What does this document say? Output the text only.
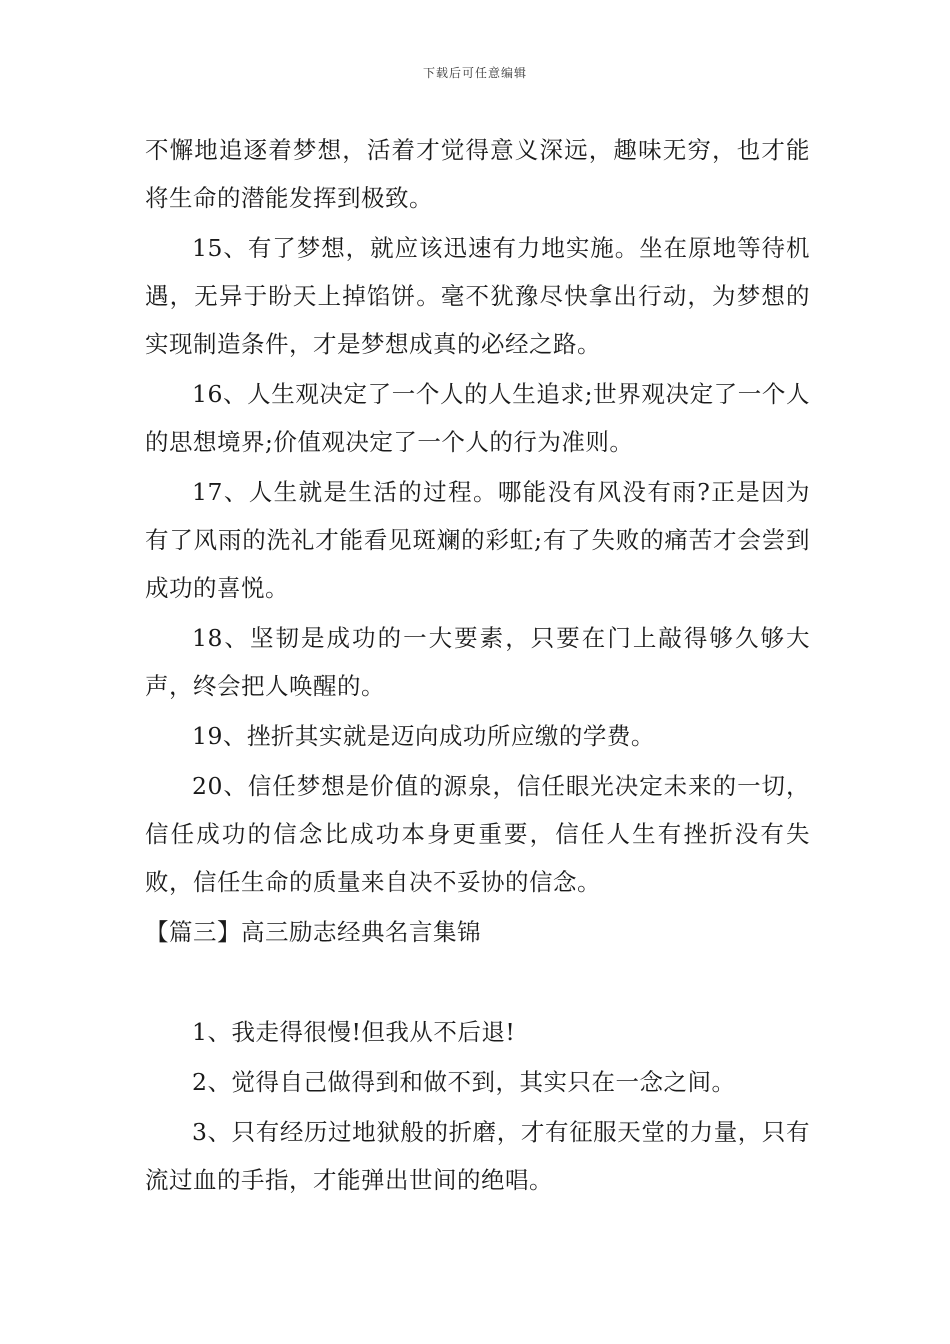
下载后可任意编辑

不懈地追逐着梦想，活着才觉得意义深远，趣味无穷，也才能将生命的潜能发挥到极致。

15、有了梦想，就应该迅速有力地实施。坐在原地等待机遇，无异于盼天上掉馅饼。毫不犹豫尽快拿出行动，为梦想的实现制造条件，才是梦想成真的必经之路。

16、人生观决定了一个人的人生追求;世界观决定了一个人的思想境界;价值观决定了一个人的行为准则。

17、人生就是生活的过程。哪能没有风没有雨?正是因为有了风雨的洗礼才能看见斑斓的彩虹;有了失败的痛苦才会尝到成功的喜悦。

18、坚韧是成功的一大要素，只要在门上敲得够久够大声，终会把人唤醒的。

19、挫折其实就是迈向成功所应缴的学费。

20、信任梦想是价值的源泉，信任眼光决定未来的一切，信任成功的信念比成功本身更重要，信任人生有挫折没有失败，信任生命的质量来自决不妥协的信念。

【篇三】高三励志经典名言集锦

1、我走得很慢!但我从不后退!

2、觉得自己做得到和做不到，其实只在一念之间。

3、只有经历过地狱般的折磨，才有征服天堂的力量，只有流过血的手指，才能弹出世间的绝唱。
